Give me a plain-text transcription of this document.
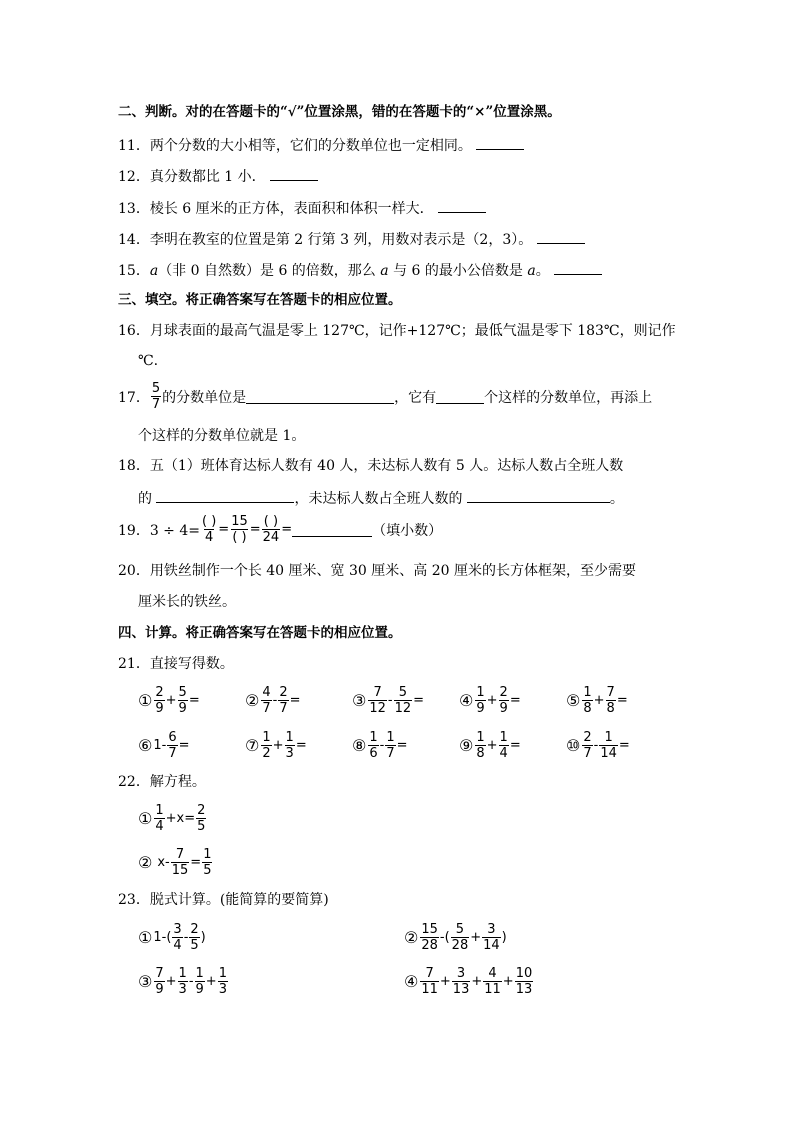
二、判断。对的在答题卡的“√”位置涂黑，错的在答题卡的“×”位置涂黑。
11．两个分数的大小相等，它们的分数单位也一定相同。
12．真分数都比 1 小．
13．棱长 6 厘米的正方体，表面积和体积一样大．
14．李明在教室的位置是第 2 行第 3 列，用数对表示是（2，3）。
15．a（非 0 自然数）是 6 的倍数，那么 a 与 6 的最小公倍数是 a。
三、填空。将正确答案写在答题卡的相应位置。
16．月球表面的最高气温是零上 127℃，记作+127℃；最低气温是零下 183℃，则记作
℃.
17． $\frac{5}{7}$ 的分数单位是	，它有	个这样的分数单位，再添上
个这样的分数单位就是 1。
18．五（1）班体育达标人数有 40 人，未达标人数有 5 人。达标人数占全班人数
的	，未达标人数占全班人数的	。
19．$3 \div 4= \frac{( )}{4} = \frac{15}{( )} = \frac{( )}{24}$ =	（填小数）
20．用铁丝制作一个长 40 厘米、宽 30 厘米、高 20 厘米的长方体框架，至少需要
厘米长的铁丝。
四、计算。将正确答案写在答题卡的相应位置。
21．直接写得数。
① $\frac{2}{9} + \frac{5}{9}$ =	② $\frac{4}{7} - \frac{2}{7}$ =	③ $\frac{7}{12} - \frac{5}{12}$ = ④ $\frac{1}{9} + \frac{2}{9}$ =	⑤ $\frac{1}{8} + \frac{7}{8}$ =
⑥ $1- \frac{6}{7}$ =	⑦ $\frac{1}{2} + \frac{1}{3}$ =	⑧ $\frac{1}{6} - \frac{1}{7}$ =	⑨ $\frac{1}{8} + \frac{1}{4}$ =	⑩ $\frac{2}{7} - \frac{1}{14}$ =
22．解方程。
① $\frac{1}{4} + x = \frac{2}{5}$
② $x - \frac{7}{15} = \frac{1}{5}$
23．脱式计算。(能简算的要简算)
① 1 - ( $\frac{3}{4} - \frac{2}{5}$ )	② $\frac{15}{28}$ - ( $\frac{5}{28} + \frac{3}{14}$ )
③ $\frac{7}{9} + \frac{1}{3} - \frac{1}{9} + \frac{1}{3}$	④ $\frac{7}{11} + \frac{3}{13} + \frac{4}{11} + \frac{10}{13}$
